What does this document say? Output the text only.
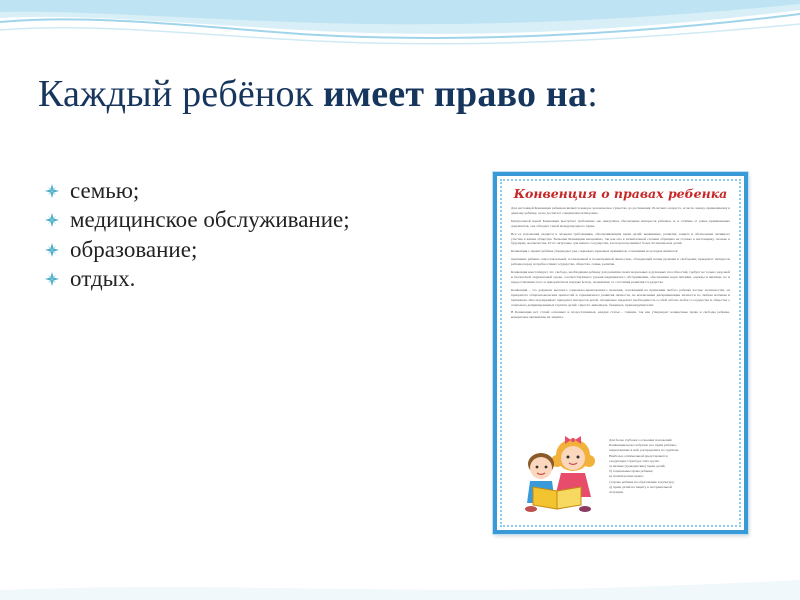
Каждый ребёнок имеет право на:
семью;
медицинское обслуживание;
образование;
отдых.
Конвенция о правах ребенка

Для настоящей Конвенции ребенком является каждое человеческое существо до достижения 18-летнего возраста, если по закону, применимому к данному ребенку, он не достигает совершеннолетия ранее.

Центральной идеей Конвенции выступает требование «во наилучшее обеспечение интересов ребенка» и, в отличие от ранее принимаемых документов, она обладает силой международного права.

Все ее положения сводятся к четырем требованиям, обеспечивающим права детей: выживание, развитие, защита и обеспечение активного участия в жизни общества. Значение Конвенции неоценимо, так как она в значительной степени обращена не столько к настоящему, сколько к будущему человечества. И это актуально для нашего государства, в котором проживает более 32 миллионов детей.

Конвенция о правах ребенка утверждает ряд социально-правовых принципов, основными из которых являются:

признание ребенка самостоятельной, полноценной и полноправной личностью, обладающей всеми правами и свободами; приоритет интересов ребенка перед потребностями государства, общества, семьи, религии.

Конвенция констатирует, что свобода, необходимая ребенку для развития своих моральных и духовных способностей, требует не только здоровой и безопасной окружающей среды, соответствующего уровня медицинского обслуживания, обеспечения норм питания, одежды и жилища, но и предоставления этого в приоритетном порядке всегда, независимо от состояния развития государства.

Конвенция – это документ высокого социально-нравственного значения, основанный на признании любого ребенка частью человечества, на приоритете общечеловеческих ценностей и гармоничного развития личности, на исключении дискриминации личности по любым мотивам и признакам. Она подчеркивает приоритет интересов детей, специально выделяет необходимость особой заботы любого государства и общества о социально депривированных группах детей: сиротах, инвалидах, беженцах, правонарушителях.

В Конвенции нет статей основных и второстепенных, каждая статья – главная, так как утверждает конкретные права и свободы ребенка, конкретные механизмы их защиты.

Для более глубокого освоения положений

Конвенции целесообразно все права ребенка,

закрепленные в ней, распределить по группам.

Наиболее оптимальной представляется

следующая структура этих групп:

а) личные (гражданские) права детей;

б) социальные права ребенка;

в) политические права;

г) права ребенка на образование и культуру;

д) права детей на защиту в экстремальной

ситуации.
